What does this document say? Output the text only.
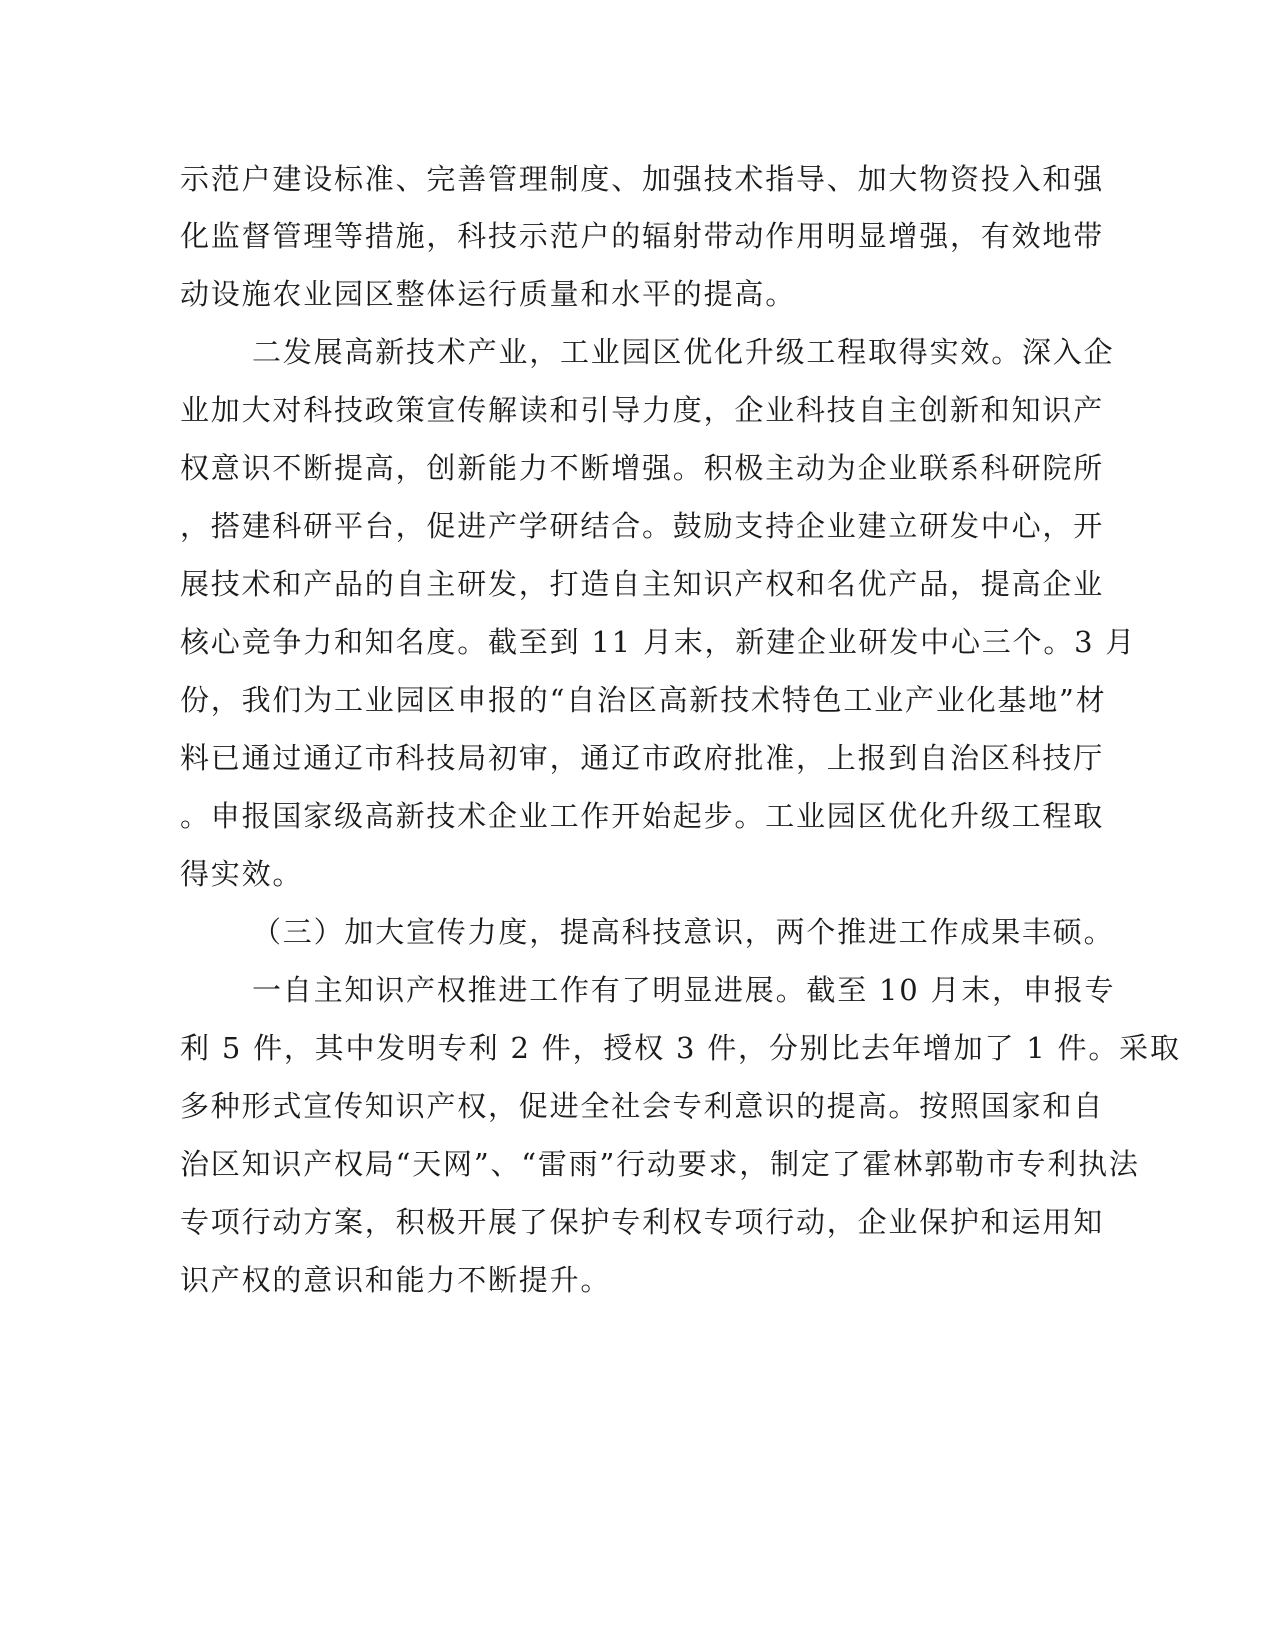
示范户建设标准、完善管理制度、加强技术指导、加大物资投入和强
化监督管理等措施，科技示范户的辐射带动作用明显增强，有效地带
动设施农业园区整体运行质量和水平的提高。
二发展高新技术产业，工业园区优化升级工程取得实效。深入企
业加大对科技政策宣传解读和引导力度，企业科技自主创新和知识产
权意识不断提高，创新能力不断增强。积极主动为企业联系科研院所
，搭建科研平台，促进产学研结合。鼓励支持企业建立研发中心，开
展技术和产品的自主研发，打造自主知识产权和名优产品，提高企业
核心竞争力和知名度。截至到 11 月末，新建企业研发中心三个。3 月
份，我们为工业园区申报的“自治区高新技术特色工业产业化基地”材
料已通过通辽市科技局初审，通辽市政府批准，上报到自治区科技厅
。申报国家级高新技术企业工作开始起步。工业园区优化升级工程取
得实效。
（三）加大宣传力度，提高科技意识，两个推进工作成果丰硕。
一自主知识产权推进工作有了明显进展。截至 10 月末，申报专
利 5 件，其中发明专利 2 件，授权 3 件，分别比去年增加了 1 件。采取
多种形式宣传知识产权，促进全社会专利意识的提高。按照国家和自
治区知识产权局“天网”、“雷雨”行动要求，制定了霍林郭勒市专利执法
专项行动方案，积极开展了保护专利权专项行动，企业保护和运用知
识产权的意识和能力不断提升。
